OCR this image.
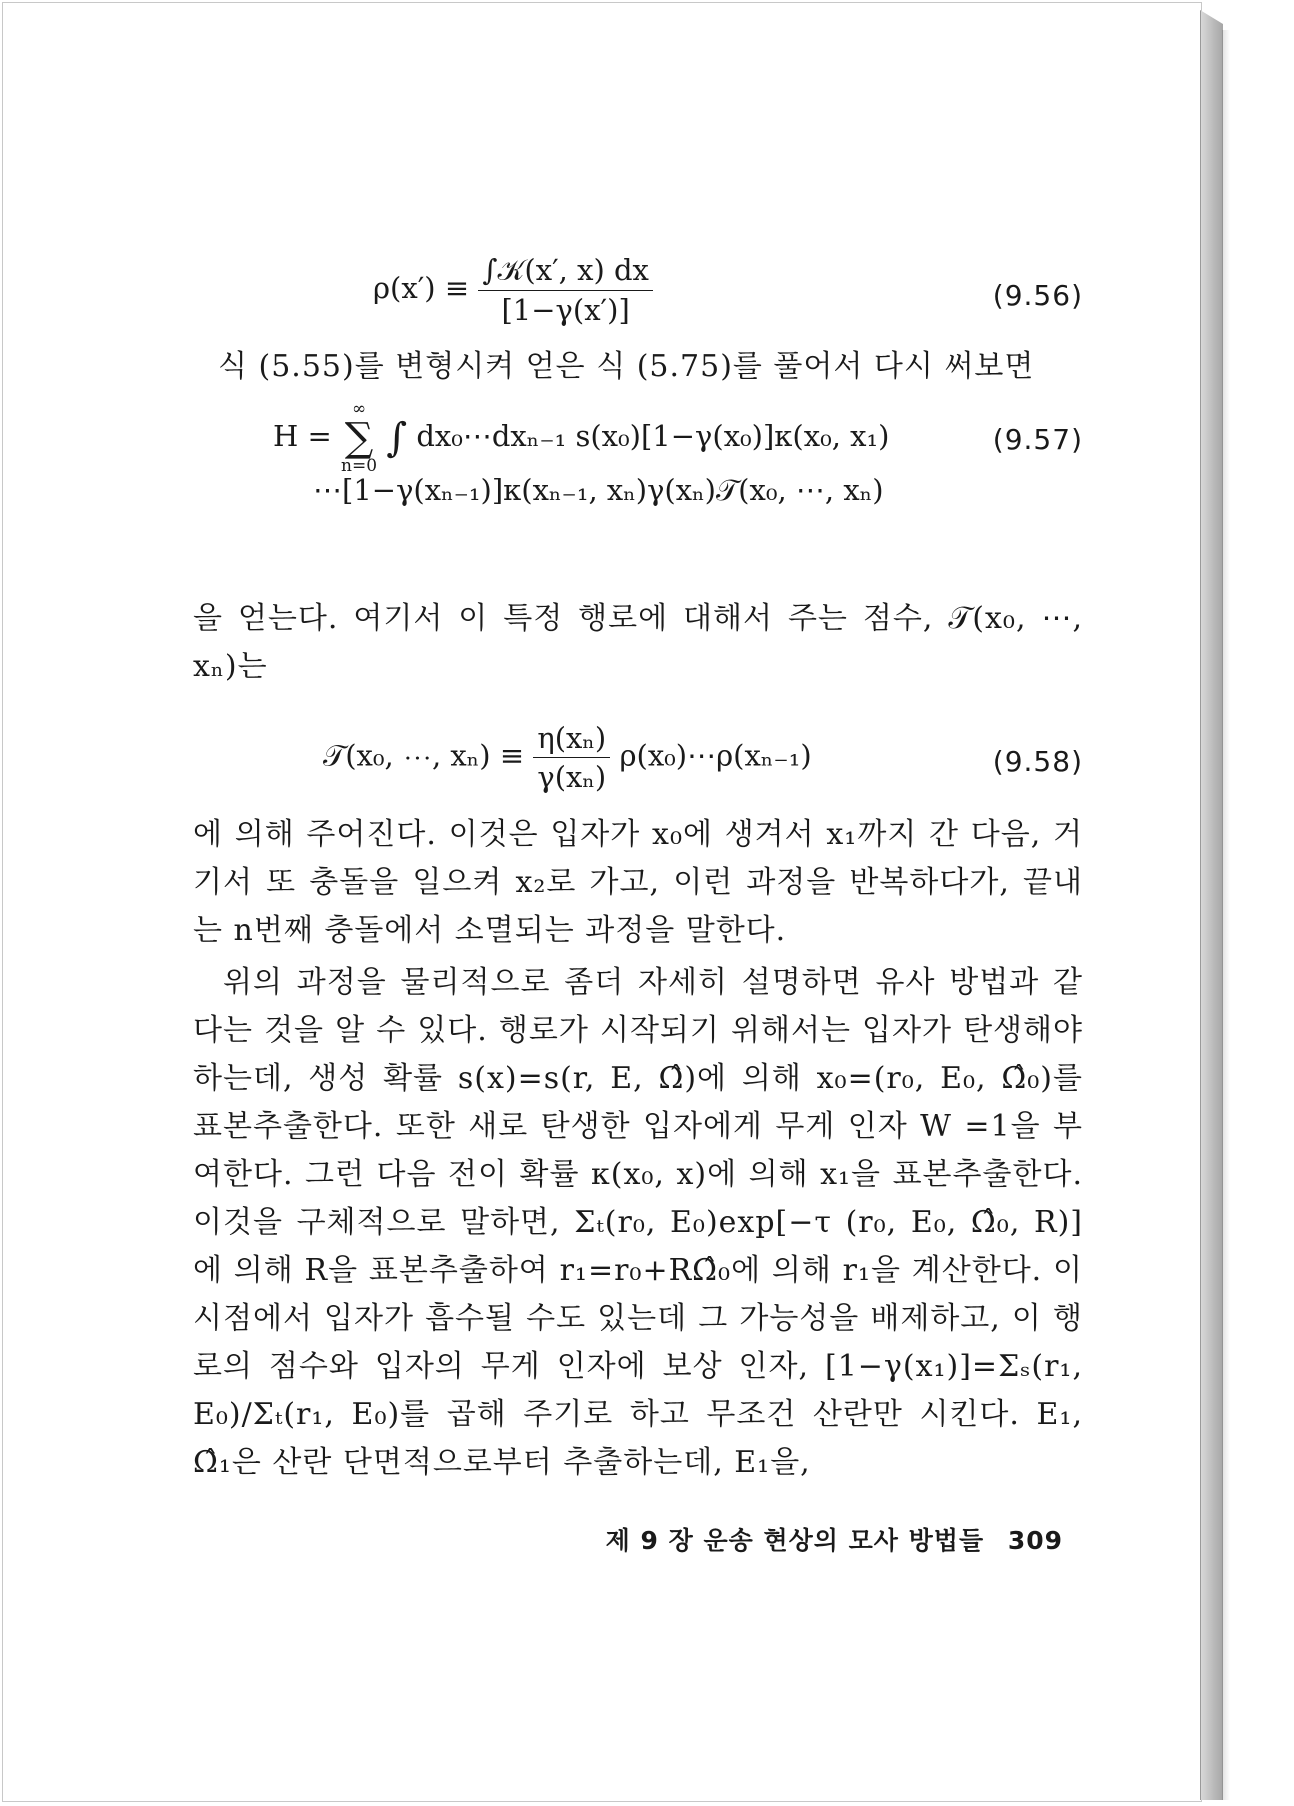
$\rho(x') \equiv \frac{\text{∫𝒦(x′, x) dx}}{[1-\gamma(x')]}$	(9.56)
식 (5.55)를 변형시켜 얻은 식 (5.75)를 풀어서 다시 써보면
H =
∞
∑
n=0
∫ dx₀⋯dxₙ₋₁ s(x₀)[1−γ(x₀)]κ(x₀, x₁)
⋯[1−γ(xₙ₋₁)]κ(xₙ₋₁, xₙ)γ(xₙ)𝒯(x₀, ⋯, xₙ)
(9.57)
을 얻는다. 여기서 이 특정 행로에 대해서 주는 점수, 𝒯(x₀, ⋯, xₙ)는
𝒯(x₀, ⋯, $x_n) \equiv \frac{\text{η(xₙ)}}{\text{γ(xₙ)}}$ ρ(x₀)⋯ρ(xₙ₋₁)	(9.58)
에 의해 주어진다. 이것은 입자가 x₀에 생겨서 x₁까지 간 다음, 거기서 또 충돌을 일으켜 x₂로 가고, 이런 과정을 반복하다가, 끝내는 n번째 충돌에서 소멸되는 과정을 말한다.
위의 과정을 물리적으로 좀더 자세히 설명하면 유사 방법과 같다는 것을 알 수 있다. 행로가 시작되기 위해서는 입자가 탄생해야 하는데, 생성 확률 s(x)=s(r, E, Ω̂)에 의해 x₀=(r₀, E₀, Ω̂₀)를 표본추출한다. 또한 새로 탄생한 입자에게 무게 인자 W =1을 부여한다. 그런 다음 전이 확률 κ(x₀, x)에 의해 x₁을 표본추출한다. 이것을 구체적으로 말하면, Σₜ(r₀, E₀)exp[−τ (r₀, E₀, Ω̂₀, R)]에 의해 R을 표본추출하여 r₁=r₀+RΩ̂₀에 의해 r₁을 계산한다. 이 시점에서 입자가 흡수될 수도 있는데 그 가능성을 배제하고, 이 행로의 점수와 입자의 무게 인자에 보상 인자, [1−γ(x₁)]=Σₛ(r₁, E₀)/Σₜ(r₁, E₀)를 곱해 주기로 하고 무조건 산란만 시킨다. E₁, Ω̂₁은 산란 단면적으로부터 추출하는데, E₁을,
제 9 장 운송 현상의 모사 방법들 309
